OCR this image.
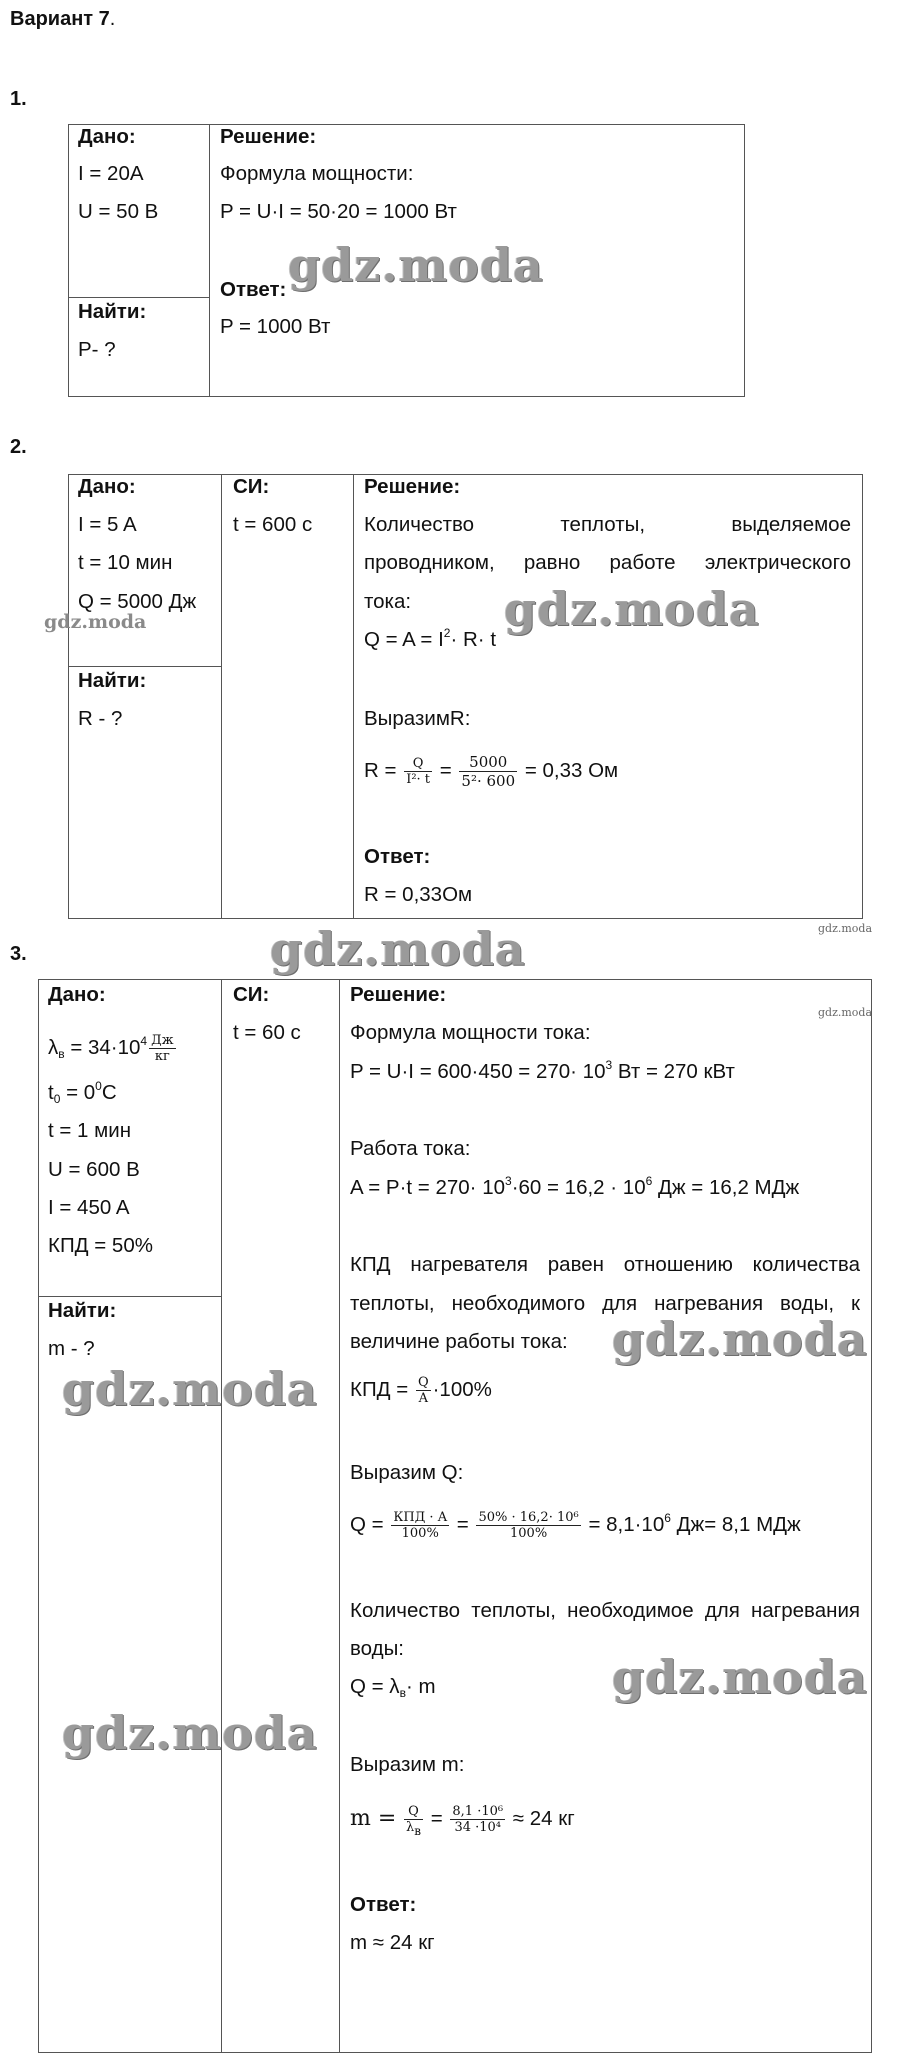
Вариант 7.
1.
Дано:
I = 20A
U = 50 В
Найти:
P- ?
Решение:
Формула мощности:
P = U·I = 50·20 = 1000 Вт
Ответ:
P = 1000 Вт
gdz.moda
2.
Дано:
I = 5 A
t = 10 мин
Q = 5000 Дж
gdz.moda
Найти:
R - ?
СИ:
t = 600 с
Решение:
Количество теплоты, выделяемое
проводником, равно работе электрического
тока:
$Q = A = I^2\cdot R\cdot t$
gdz.moda
ВыразимR:
$R = \frac{Q}{\text{I²· t}} = \frac{5000}{\text{5²· 600}} = 0,33$ Ом
Ответ:
R = 0,33Ом
gdz.moda
3.	gdz.moda
Дано:
$\lambda_в = 34\cdot 10^4 \frac{Дж}{кг}$
$t_0 = 0^0C$
t = 1 мин
U = 600 В
I = 450 A
КПД = 50%
Найти:
m - ?
СИ:
t = 60 с
gdz.moda
gdz.moda
Решение:
gdz.moda
Формула мощности тока:
$P = U\cdot I = 600\cdot 450 = 270\cdot 10^3$ Вт = 270 кВт
Работа тока:
$A = P\cdot t = 270\cdot 10^3\cdot 60 = 16,2 \cdot 10^6$ Дж = 16,2 МДж
КПД нагревателя равен отношению количества
теплоты, необходимого для нагревания воды, к
величине работы тока: gdz.moda
КПД = $\frac{Q}{A} \cdot 100\%$
Выразим Q:
$Q = \frac{\text{КПД · A}}{100\%} = \frac{\text{50\% · 16,2· 10⁶}}{100\%} = 8,1\cdot 10^6$ Дж= 8,1 МДж
Количество теплоты, необходимое для нагревания
воды:
$Q = \lambda_в\cdot m$	gdz.moda
Выразим m:
$m = \frac{Q}{\lambda_в} = \frac{\text{8,1 ·10⁶}}{\text{34 ·10⁴}} \approx 24$ кг
Ответ:
m ≈ 24 кг
